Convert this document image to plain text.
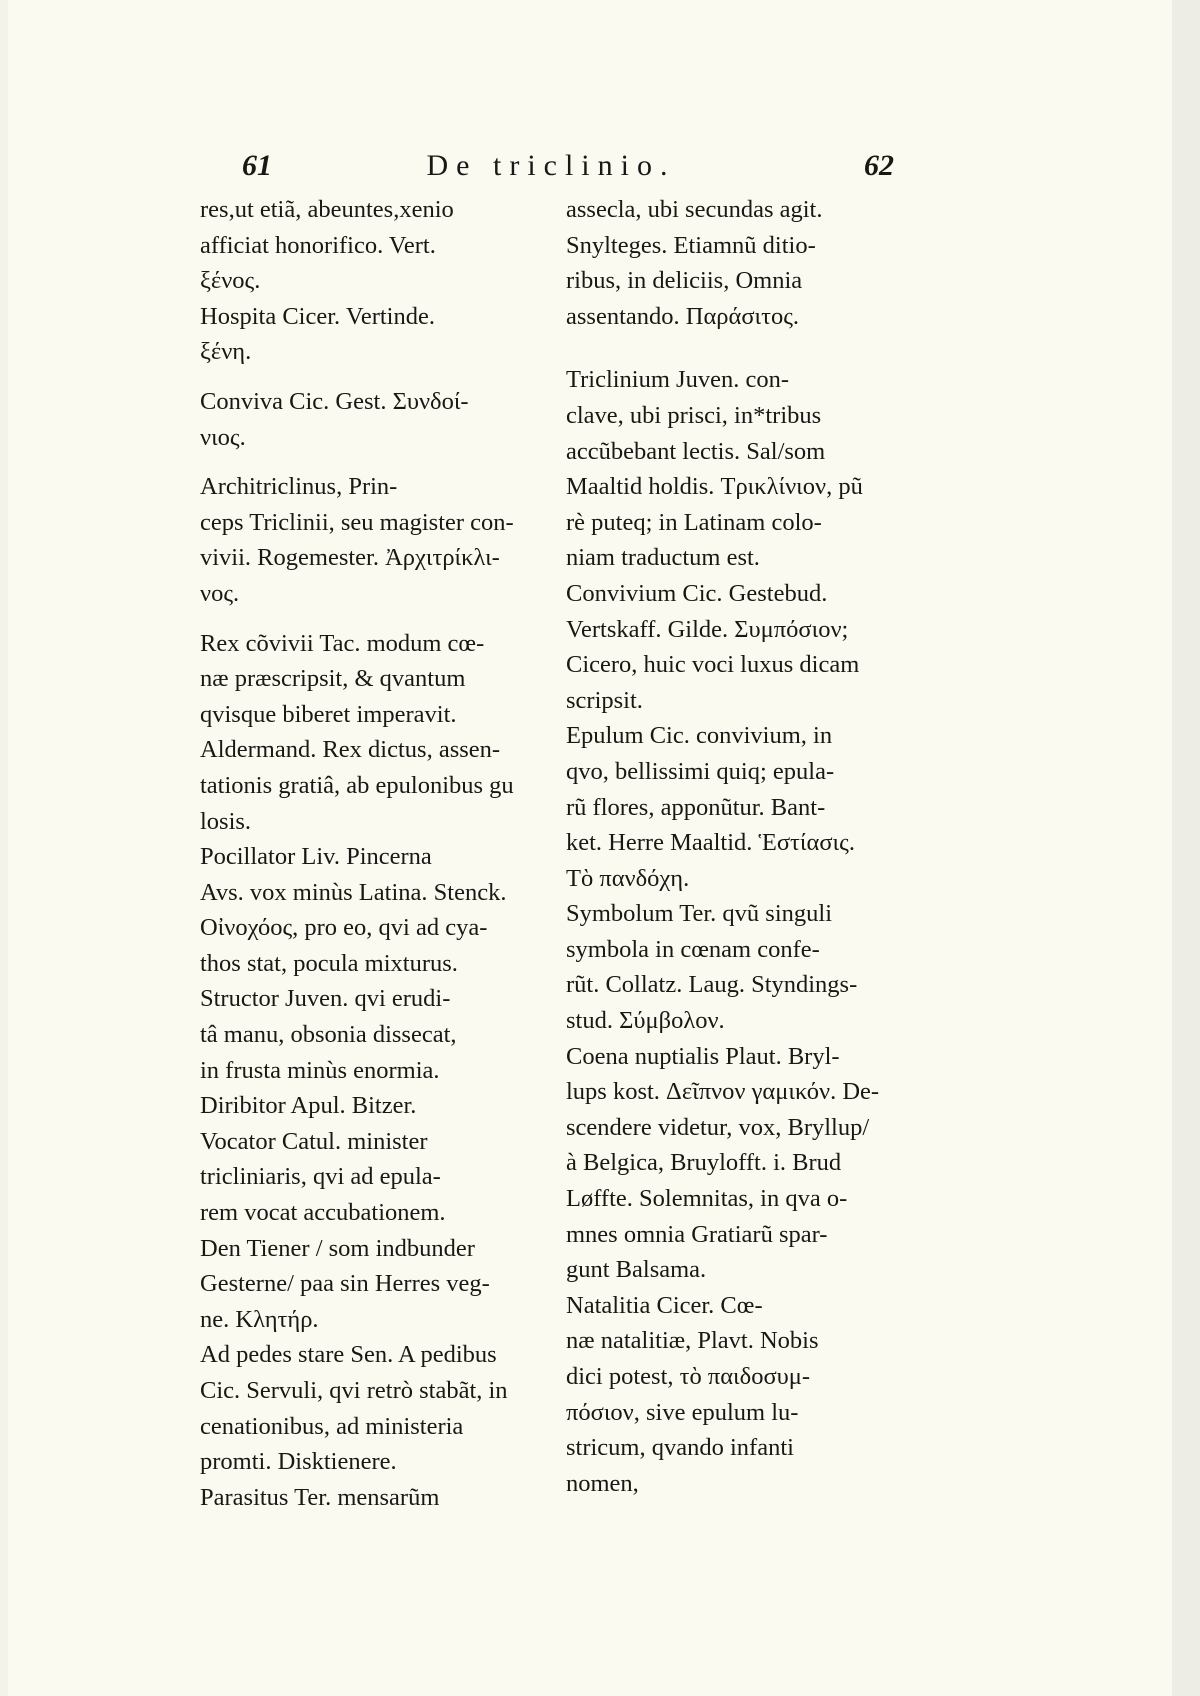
De triclinio.
61	62

res,ut etiã, abeuntes,xenio
afficiat honorifico. Vert.
ξένος.

Hospita Cicer. Vertinde.
ξένη.

Conviva Cic. Gest. Συνδοί-
νιος.

Architriclinus, Prin-
ceps Triclinii, seu magister con-
vivii. Rogemester. Ἀρχιτρίκλι-
νος.

Rex cõvivii Tac. modum cœ-
næ præscripsit, & qvantum
qvisque biberet imperavit.
Aldermand. Rex dictus, assen-
tationis gratiâ, ab epulonibus gu
losis.

Pocillator Liv. Pincerna
Avs. vox minùs Latina. Stenck.
Οἰνοχόος, pro eo, qvi ad cya-
thos stat, pocula mixturus.

Structor Juven. qvi erudi-
tâ manu, obsonia dissecat,
in frusta minùs enormia.
Diribitor Apul. Bitzer.

Vocator Catul. minister
tricliniaris, qvi ad epula-
rem vocat accubationem.
Den Tiener / som indbunder
Gesterne/ paa sin Herres veg-
ne. Κλητήρ.

Ad pedes stare Sen. A pedibus
Cic. Servuli, qvi retrò stabãt, in
cenationibus, ad ministeria
promti. Disktienere.

Parasitus Ter. mensarũm

assecla, ubi secundas agit.
Snylteges. Etiamnũ ditio-
ribus, in deliciis, Omnia
assentando. Παράσιτος.

Triclinium Juven. con-
clave, ubi prisci, in*tribus
accũbebant lectis. Sal/som
Maaltid holdis. Τρικλίνιον, pũ
rè puteq; in Latinam colo-
niam traductum est.

Convivium Cic. Gestebud.
Vertskaff. Gilde. Συμπόσιον;
Cicero, huic voci luxus dicam
scripsit.

Epulum Cic. convivium, in
qvo, bellissimi quiq; epula-
rũ flores, apponũtur. Bant-
ket. Herre Maaltid. Ἑστίασις.
Τὸ πανδόχη.

Symbolum Ter. qvũ singuli
symbola in cœnam confe-
rũt. Collatz. Laug. Styndings-
stud. Σύμβολον.

Coena nuptialis Plaut. Bryl-
lups kost. Δεῖπνον γαμικόν. De-
scendere videtur, vox, Bryllup/
à Belgica, Bruylofft. i. Brud
Løffte. Solemnitas, in qva o-
mnes omnia Gratiarũ spar-
gunt Balsama.

Natalitia Cicer. Cœ-
næ natalitiæ, Plavt. Nobis
dici potest, τὸ παιδοσυμ-
πόσιον, sive epulum lu-
stricum, qvando infanti
nomen,
